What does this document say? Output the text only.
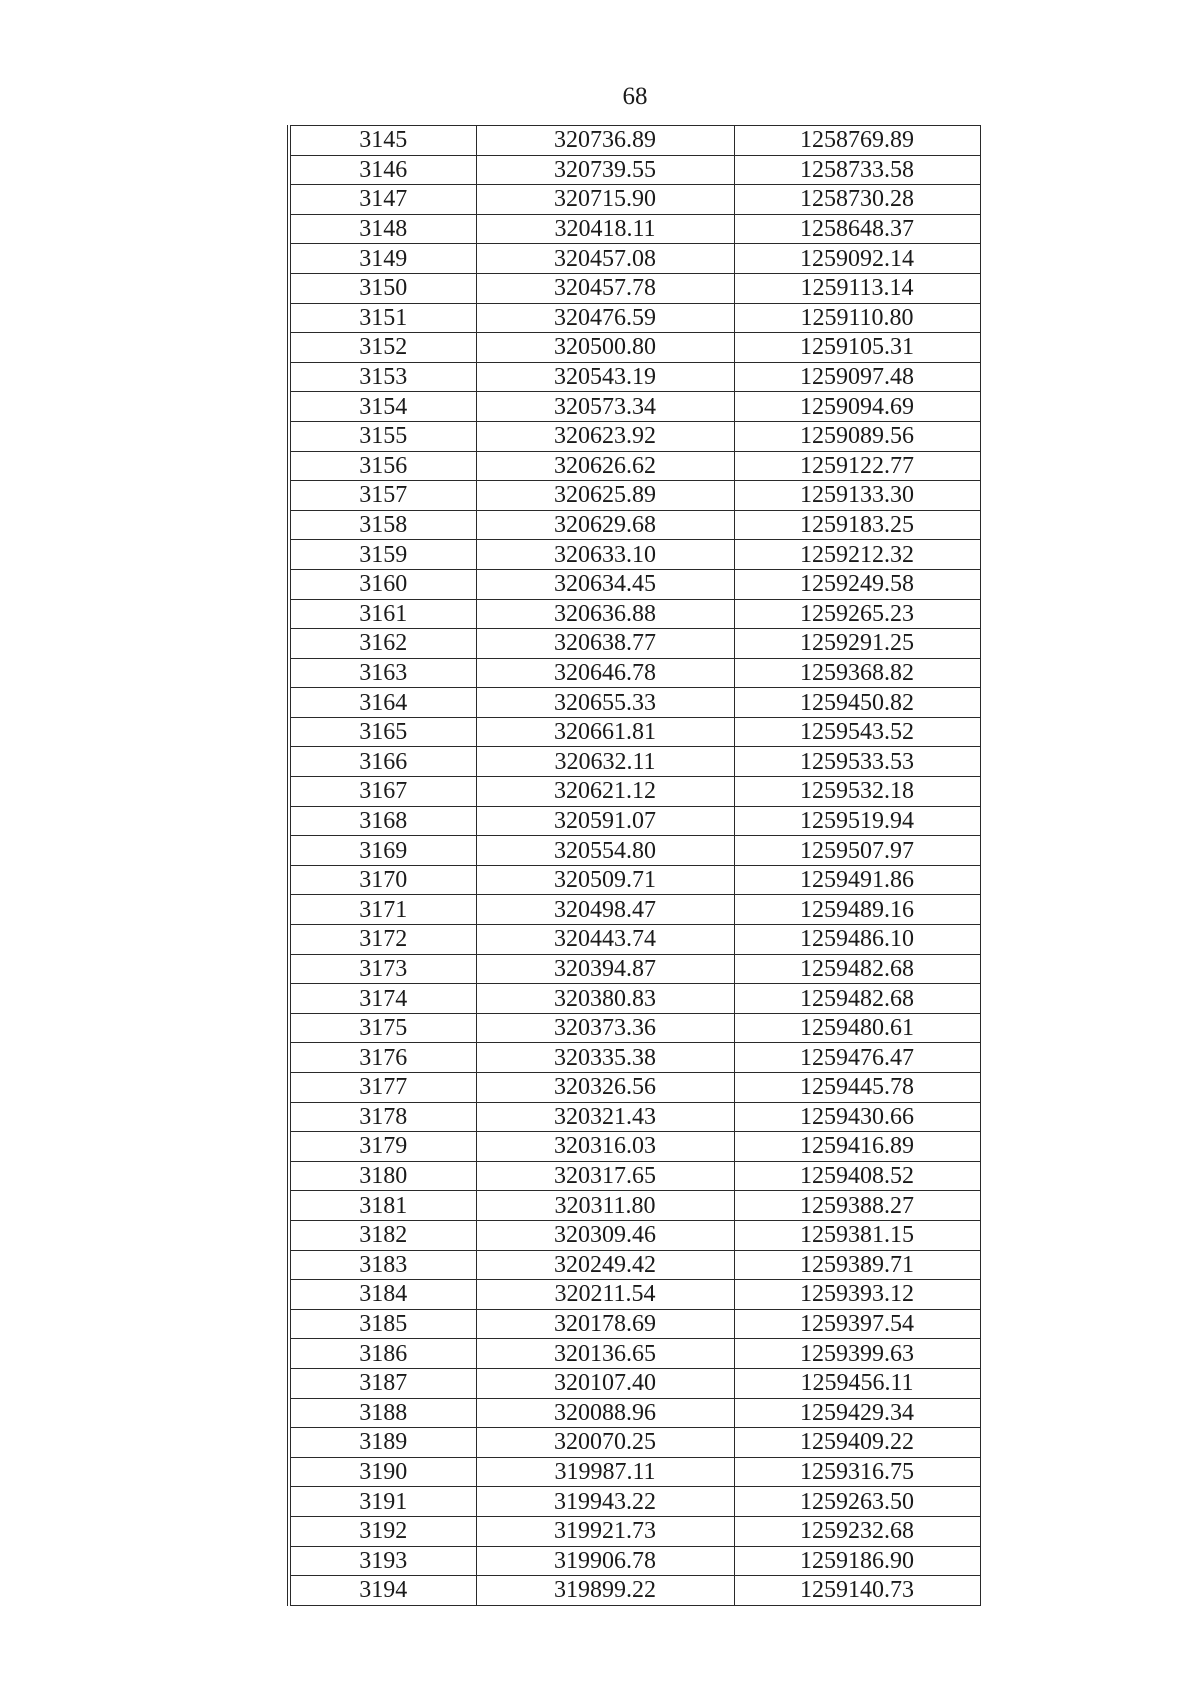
68
3145	320736.89	1258769.89
3146	320739.55	1258733.58
3147	320715.90	1258730.28
3148	320418.11	1258648.37
3149	320457.08	1259092.14
3150	320457.78	1259113.14
3151	320476.59	1259110.80
3152	320500.80	1259105.31
3153	320543.19	1259097.48
3154	320573.34	1259094.69
3155	320623.92	1259089.56
3156	320626.62	1259122.77
3157	320625.89	1259133.30
3158	320629.68	1259183.25
3159	320633.10	1259212.32
3160	320634.45	1259249.58
3161	320636.88	1259265.23
3162	320638.77	1259291.25
3163	320646.78	1259368.82
3164	320655.33	1259450.82
3165	320661.81	1259543.52
3166	320632.11	1259533.53
3167	320621.12	1259532.18
3168	320591.07	1259519.94
3169	320554.80	1259507.97
3170	320509.71	1259491.86
3171	320498.47	1259489.16
3172	320443.74	1259486.10
3173	320394.87	1259482.68
3174	320380.83	1259482.68
3175	320373.36	1259480.61
3176	320335.38	1259476.47
3177	320326.56	1259445.78
3178	320321.43	1259430.66
3179	320316.03	1259416.89
3180	320317.65	1259408.52
3181	320311.80	1259388.27
3182	320309.46	1259381.15
3183	320249.42	1259389.71
3184	320211.54	1259393.12
3185	320178.69	1259397.54
3186	320136.65	1259399.63
3187	320107.40	1259456.11
3188	320088.96	1259429.34
3189	320070.25	1259409.22
3190	319987.11	1259316.75
3191	319943.22	1259263.50
3192	319921.73	1259232.68
3193	319906.78	1259186.90
3194	319899.22	1259140.73
